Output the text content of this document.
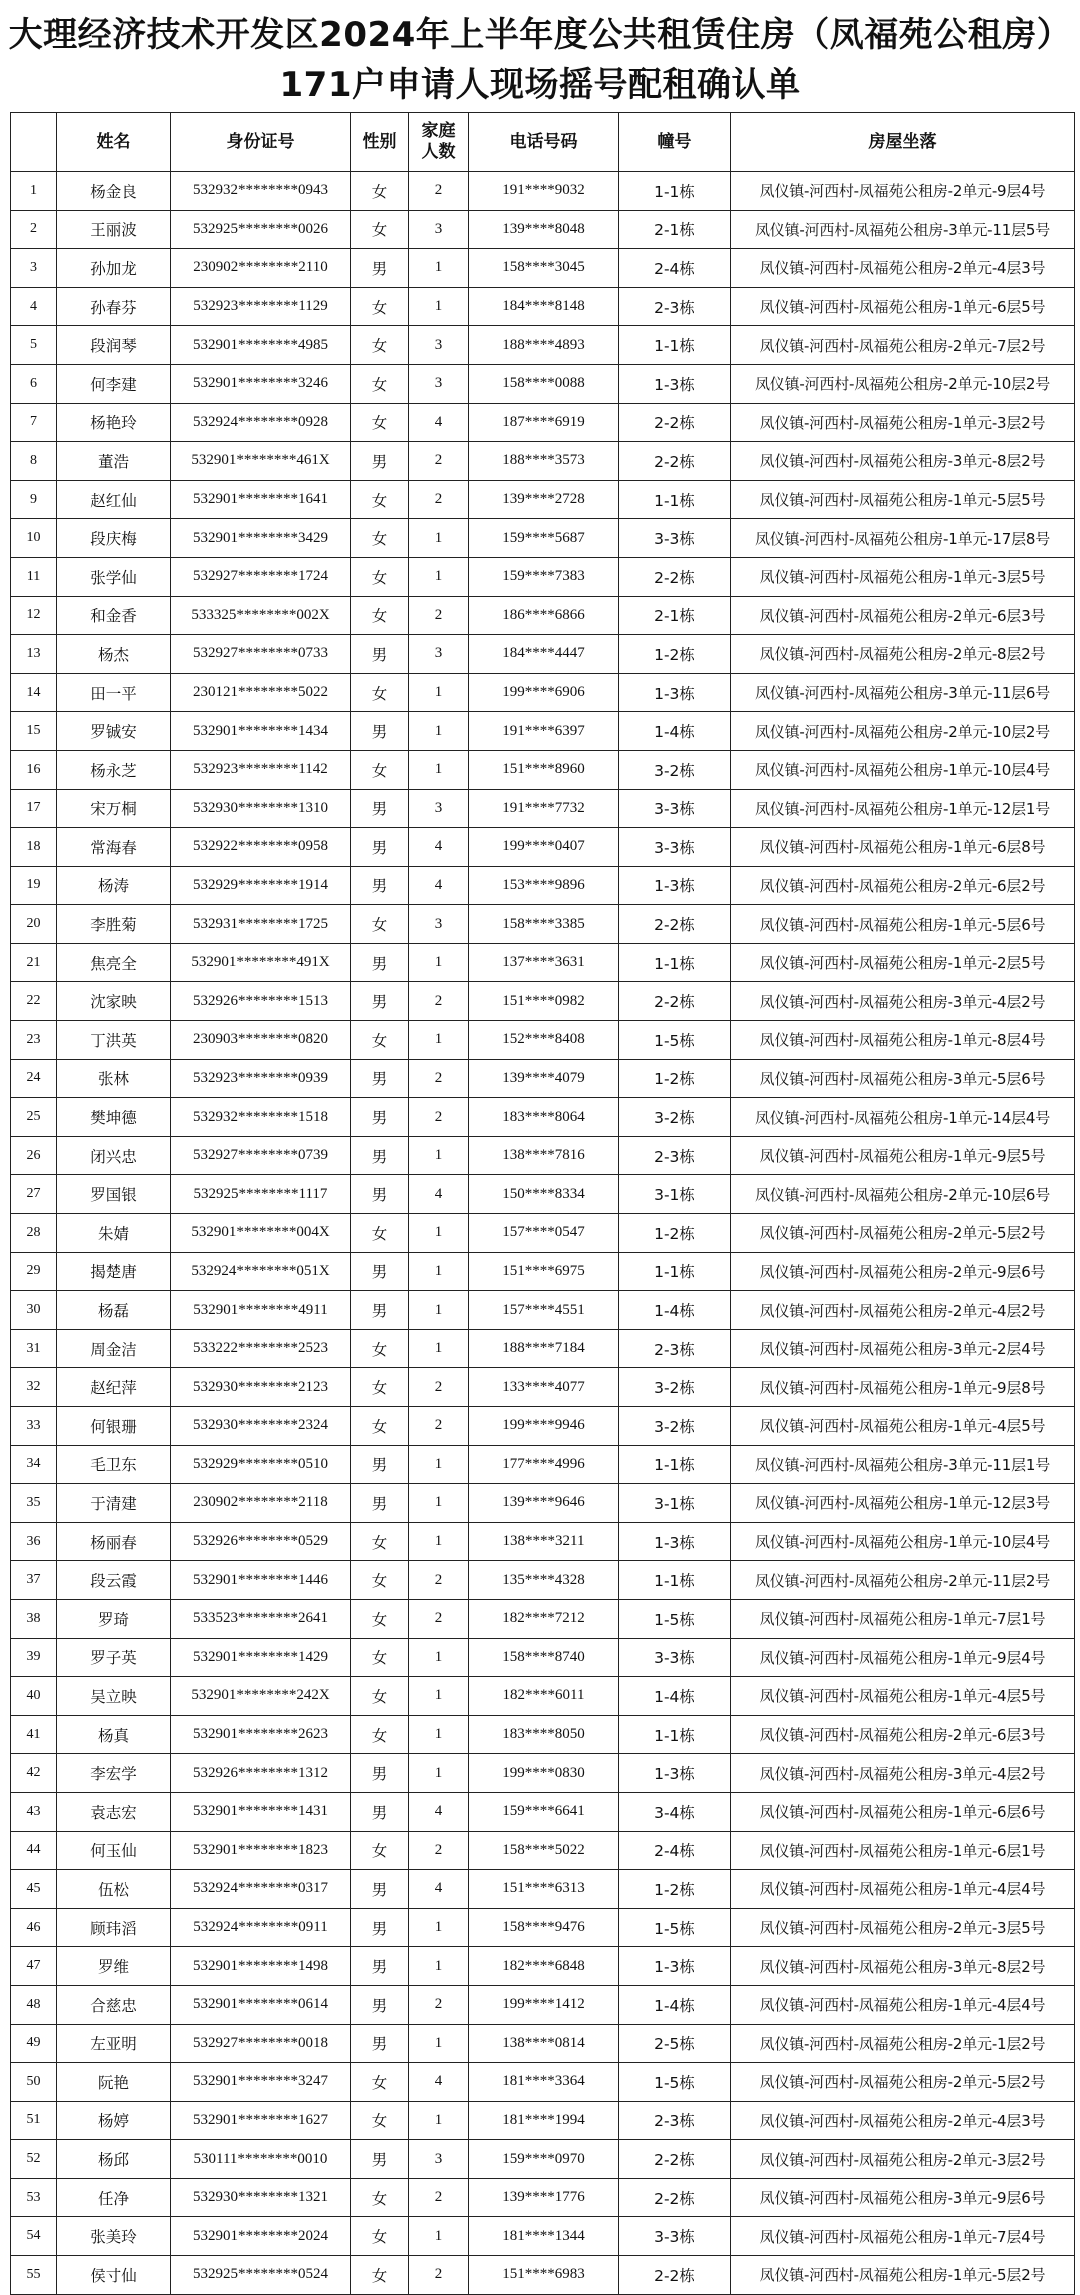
大理经济技术开发区2024年上半年度公共租赁住房（凤福苑公租房）
171户申请人现场摇号配租确认单
	姓名	身份证号	性别	家庭人数	电话号码	幢号	房屋坐落
1	杨金良	532932********0943	女	2	191****9032	1-1栋	凤仪镇-河西村-凤福苑公租房-2单元-9层4号
2	王丽波	532925********0026	女	3	139****8048	2-1栋	凤仪镇-河西村-凤福苑公租房-3单元-11层5号
3	孙加龙	230902********2110	男	1	158****3045	2-4栋	凤仪镇-河西村-凤福苑公租房-2单元-4层3号
4	孙春芬	532923********1129	女	1	184****8148	2-3栋	凤仪镇-河西村-凤福苑公租房-1单元-6层5号
5	段润琴	532901********4985	女	3	188****4893	1-1栋	凤仪镇-河西村-凤福苑公租房-2单元-7层2号
6	何李建	532901********3246	女	3	158****0088	1-3栋	凤仪镇-河西村-凤福苑公租房-2单元-10层2号
7	杨艳玲	532924********0928	女	4	187****6919	2-2栋	凤仪镇-河西村-凤福苑公租房-1单元-3层2号
8	董浩	532901********461X	男	2	188****3573	2-2栋	凤仪镇-河西村-凤福苑公租房-3单元-8层2号
9	赵红仙	532901********1641	女	2	139****2728	1-1栋	凤仪镇-河西村-凤福苑公租房-1单元-5层5号
10	段庆梅	532901********3429	女	1	159****5687	3-3栋	凤仪镇-河西村-凤福苑公租房-1单元-17层8号
11	张学仙	532927********1724	女	1	159****7383	2-2栋	凤仪镇-河西村-凤福苑公租房-1单元-3层5号
12	和金香	533325********002X	女	2	186****6866	2-1栋	凤仪镇-河西村-凤福苑公租房-2单元-6层3号
13	杨杰	532927********0733	男	3	184****4447	1-2栋	凤仪镇-河西村-凤福苑公租房-2单元-8层2号
14	田一平	230121********5022	女	1	199****6906	1-3栋	凤仪镇-河西村-凤福苑公租房-3单元-11层6号
15	罗铖安	532901********1434	男	1	191****6397	1-4栋	凤仪镇-河西村-凤福苑公租房-2单元-10层2号
16	杨永芝	532923********1142	女	1	151****8960	3-2栋	凤仪镇-河西村-凤福苑公租房-1单元-10层4号
17	宋万桐	532930********1310	男	3	191****7732	3-3栋	凤仪镇-河西村-凤福苑公租房-1单元-12层1号
18	常海春	532922********0958	男	4	199****0407	3-3栋	凤仪镇-河西村-凤福苑公租房-1单元-6层8号
19	杨涛	532929********1914	男	4	153****9896	1-3栋	凤仪镇-河西村-凤福苑公租房-2单元-6层2号
20	李胜菊	532931********1725	女	3	158****3385	2-2栋	凤仪镇-河西村-凤福苑公租房-1单元-5层6号
21	焦亮全	532901********491X	男	1	137****3631	1-1栋	凤仪镇-河西村-凤福苑公租房-1单元-2层5号
22	沈家映	532926********1513	男	2	151****0982	2-2栋	凤仪镇-河西村-凤福苑公租房-3单元-4层2号
23	丁洪英	230903********0820	女	1	152****8408	1-5栋	凤仪镇-河西村-凤福苑公租房-1单元-8层4号
24	张林	532923********0939	男	2	139****4079	1-2栋	凤仪镇-河西村-凤福苑公租房-3单元-5层6号
25	樊坤德	532932********1518	男	2	183****8064	3-2栋	凤仪镇-河西村-凤福苑公租房-1单元-14层4号
26	闭兴忠	532927********0739	男	1	138****7816	2-3栋	凤仪镇-河西村-凤福苑公租房-1单元-9层5号
27	罗国银	532925********1117	男	4	150****8334	3-1栋	凤仪镇-河西村-凤福苑公租房-2单元-10层6号
28	朱婧	532901********004X	女	1	157****0547	1-2栋	凤仪镇-河西村-凤福苑公租房-2单元-5层2号
29	揭楚唐	532924********051X	男	1	151****6975	1-1栋	凤仪镇-河西村-凤福苑公租房-2单元-9层6号
30	杨磊	532901********4911	男	1	157****4551	1-4栋	凤仪镇-河西村-凤福苑公租房-2单元-4层2号
31	周金洁	533222********2523	女	1	188****7184	2-3栋	凤仪镇-河西村-凤福苑公租房-3单元-2层4号
32	赵纪萍	532930********2123	女	2	133****4077	3-2栋	凤仪镇-河西村-凤福苑公租房-1单元-9层8号
33	何银珊	532930********2324	女	2	199****9946	3-2栋	凤仪镇-河西村-凤福苑公租房-1单元-4层5号
34	毛卫东	532929********0510	男	1	177****4996	1-1栋	凤仪镇-河西村-凤福苑公租房-3单元-11层1号
35	于清建	230902********2118	男	1	139****9646	3-1栋	凤仪镇-河西村-凤福苑公租房-1单元-12层3号
36	杨丽春	532926********0529	女	1	138****3211	1-3栋	凤仪镇-河西村-凤福苑公租房-1单元-10层4号
37	段云霞	532901********1446	女	2	135****4328	1-1栋	凤仪镇-河西村-凤福苑公租房-2单元-11层2号
38	罗琦	533523********2641	女	2	182****7212	1-5栋	凤仪镇-河西村-凤福苑公租房-1单元-7层1号
39	罗子英	532901********1429	女	1	158****8740	3-3栋	凤仪镇-河西村-凤福苑公租房-1单元-9层4号
40	吴立映	532901********242X	女	1	182****6011	1-4栋	凤仪镇-河西村-凤福苑公租房-1单元-4层5号
41	杨真	532901********2623	女	1	183****8050	1-1栋	凤仪镇-河西村-凤福苑公租房-2单元-6层3号
42	李宏学	532926********1312	男	1	199****0830	1-3栋	凤仪镇-河西村-凤福苑公租房-3单元-4层2号
43	袁志宏	532901********1431	男	4	159****6641	3-4栋	凤仪镇-河西村-凤福苑公租房-1单元-6层6号
44	何玉仙	532901********1823	女	2	158****5022	2-4栋	凤仪镇-河西村-凤福苑公租房-1单元-6层1号
45	伍松	532924********0317	男	4	151****6313	1-2栋	凤仪镇-河西村-凤福苑公租房-1单元-4层4号
46	顾玮滔	532924********0911	男	1	158****9476	1-5栋	凤仪镇-河西村-凤福苑公租房-2单元-3层5号
47	罗维	532901********1498	男	1	182****6848	1-3栋	凤仪镇-河西村-凤福苑公租房-3单元-8层2号
48	合慈忠	532901********0614	男	2	199****1412	1-4栋	凤仪镇-河西村-凤福苑公租房-1单元-4层4号
49	左亚明	532927********0018	男	1	138****0814	2-5栋	凤仪镇-河西村-凤福苑公租房-2单元-1层2号
50	阮艳	532901********3247	女	4	181****3364	1-5栋	凤仪镇-河西村-凤福苑公租房-2单元-5层2号
51	杨婷	532901********1627	女	1	181****1994	2-3栋	凤仪镇-河西村-凤福苑公租房-2单元-4层3号
52	杨邱	530111********0010	男	3	159****0970	2-2栋	凤仪镇-河西村-凤福苑公租房-2单元-3层2号
53	任净	532930********1321	女	2	139****1776	2-2栋	凤仪镇-河西村-凤福苑公租房-3单元-9层6号
54	张美玲	532901********2024	女	1	181****1344	3-3栋	凤仪镇-河西村-凤福苑公租房-1单元-7层4号
55	侯寸仙	532925********0524	女	2	151****6983	2-2栋	凤仪镇-河西村-凤福苑公租房-1单元-5层2号
